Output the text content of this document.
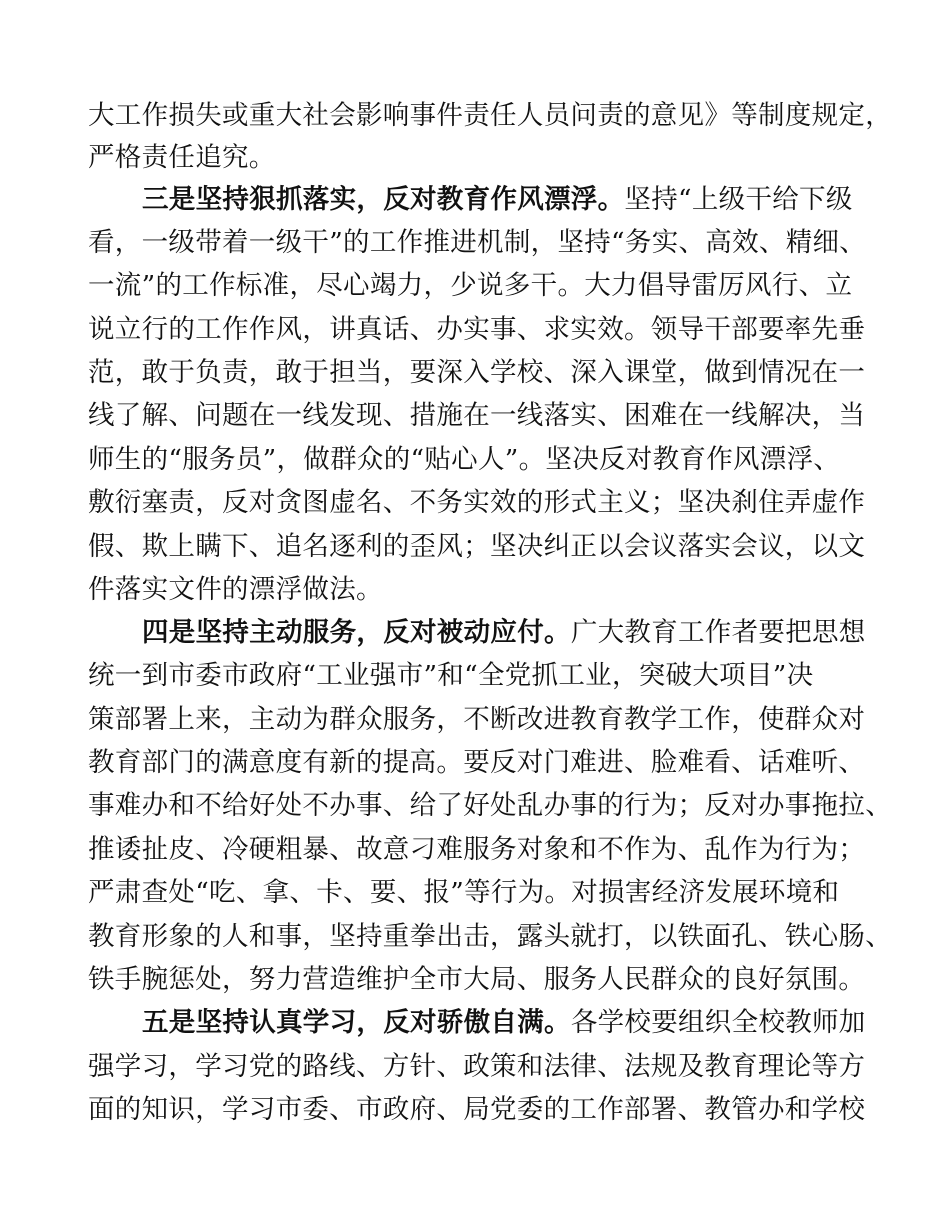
大工作损失或重大社会影响事件责任人员问责的意见》等制度规定，
严格责任追究。
三是坚持狠抓落实，反对教育作风漂浮。坚持“上级干给下级
看，一级带着一级干”的工作推进机制，坚持“务实、高效、精细、
一流”的工作标准，尽心竭力，少说多干。大力倡导雷厉风行、立
说立行的工作作风，讲真话、办实事、求实效。领导干部要率先垂
范，敢于负责，敢于担当，要深入学校、深入课堂，做到情况在一
线了解、问题在一线发现、措施在一线落实、困难在一线解决，当
师生的“服务员”，做群众的“贴心人”。坚决反对教育作风漂浮、
敷衍塞责，反对贪图虚名、不务实效的形式主义；坚决刹住弄虚作
假、欺上瞒下、追名逐利的歪风；坚决纠正以会议落实会议，以文
件落实文件的漂浮做法。
四是坚持主动服务，反对被动应付。广大教育工作者要把思想
统一到市委市政府“工业强市”和“全党抓工业，突破大项目”决
策部署上来，主动为群众服务，不断改进教育教学工作，使群众对
教育部门的满意度有新的提高。要反对门难进、脸难看、话难听、
事难办和不给好处不办事、给了好处乱办事的行为；反对办事拖拉、
推诿扯皮、冷硬粗暴、故意刁难服务对象和不作为、乱作为行为；
严肃查处“吃、拿、卡、要、报”等行为。对损害经济发展环境和
教育形象的人和事，坚持重拳出击，露头就打，以铁面孔、铁心肠、
铁手腕惩处，努力营造维护全市大局、服务人民群众的良好氛围。
五是坚持认真学习，反对骄傲自满。各学校要组织全校教师加
强学习，学习党的路线、方针、政策和法律、法规及教育理论等方
面的知识，学习市委、市政府、局党委的工作部署、教管办和学校
